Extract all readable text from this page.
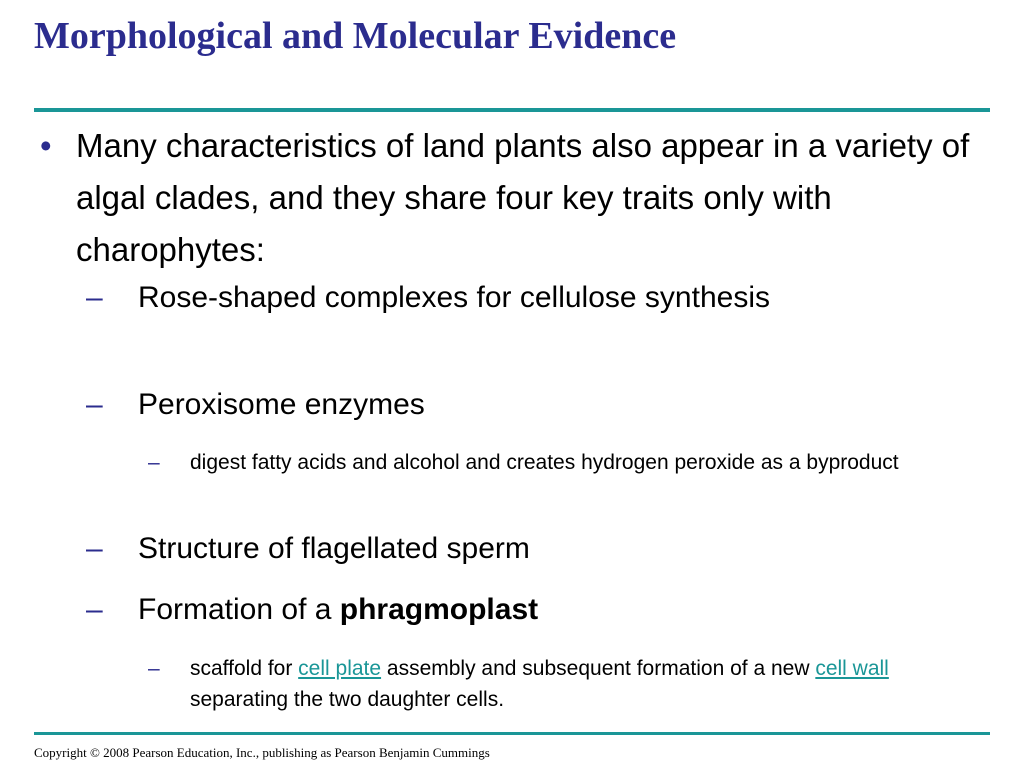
Morphological and Molecular Evidence
• Many characteristics of land plants also appear in a variety of algal clades, and they share four key traits only with charophytes:
– Rose-shaped complexes for cellulose synthesis
– Peroxisome enzymes
– digest fatty acids and alcohol and creates hydrogen peroxide as a byproduct
– Structure of flagellated sperm
– Formation of a phragmoplast
– scaffold for cell plate assembly and subsequent formation of a new cell wall separating the two daughter cells.
Copyright © 2008 Pearson Education, Inc., publishing as Pearson Benjamin Cummings
